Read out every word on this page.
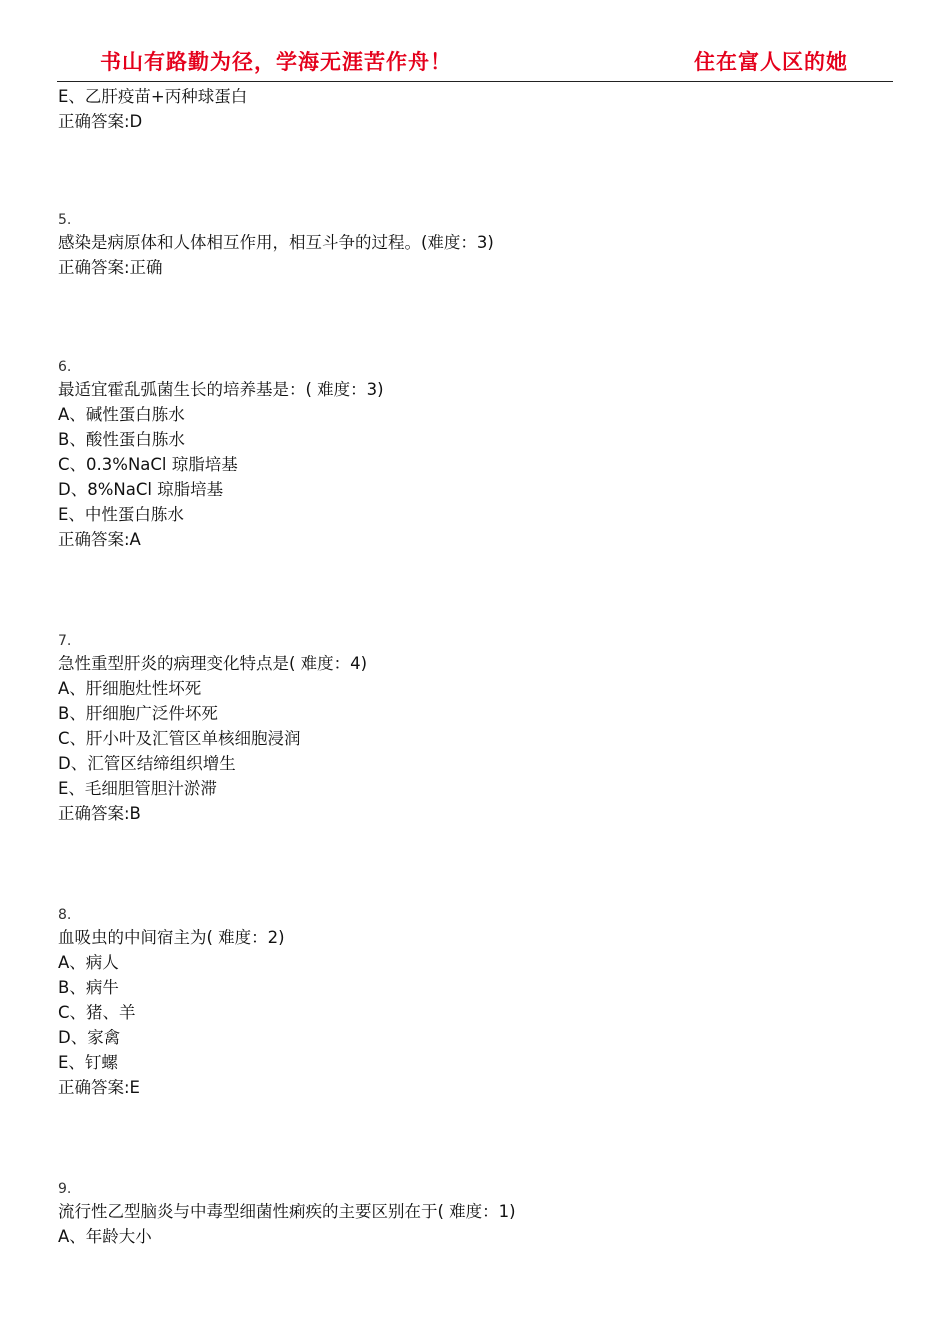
书山有路勤为径，学海无涯苦作舟！	住在富人区的她
E、乙肝疫苗+丙种球蛋白
正确答案:D
5.
感染是病原体和人体相互作用，相互斗争的过程。(难度：3)
正确答案:正确
6.
最适宜霍乱弧菌生长的培养基是：( 难度：3)
A、碱性蛋白胨水
B、酸性蛋白胨水
C、0.3%NaCl 琼脂培基
D、8%NaCl 琼脂培基
E、中性蛋白胨水
正确答案:A
7.
急性重型肝炎的病理变化特点是( 难度：4)
A、肝细胞灶性坏死
B、肝细胞广泛件坏死
C、肝小叶及汇管区单核细胞浸润
D、汇管区结缔组织增生
E、毛细胆管胆汁淤滞
正确答案:B
8.
血吸虫的中间宿主为( 难度：2)
A、病人
B、病牛
C、猪、羊
D、家禽
E、钉螺
正确答案:E
9.
流行性乙型脑炎与中毒型细菌性痢疾的主要区别在于( 难度：1)
A、年龄大小
